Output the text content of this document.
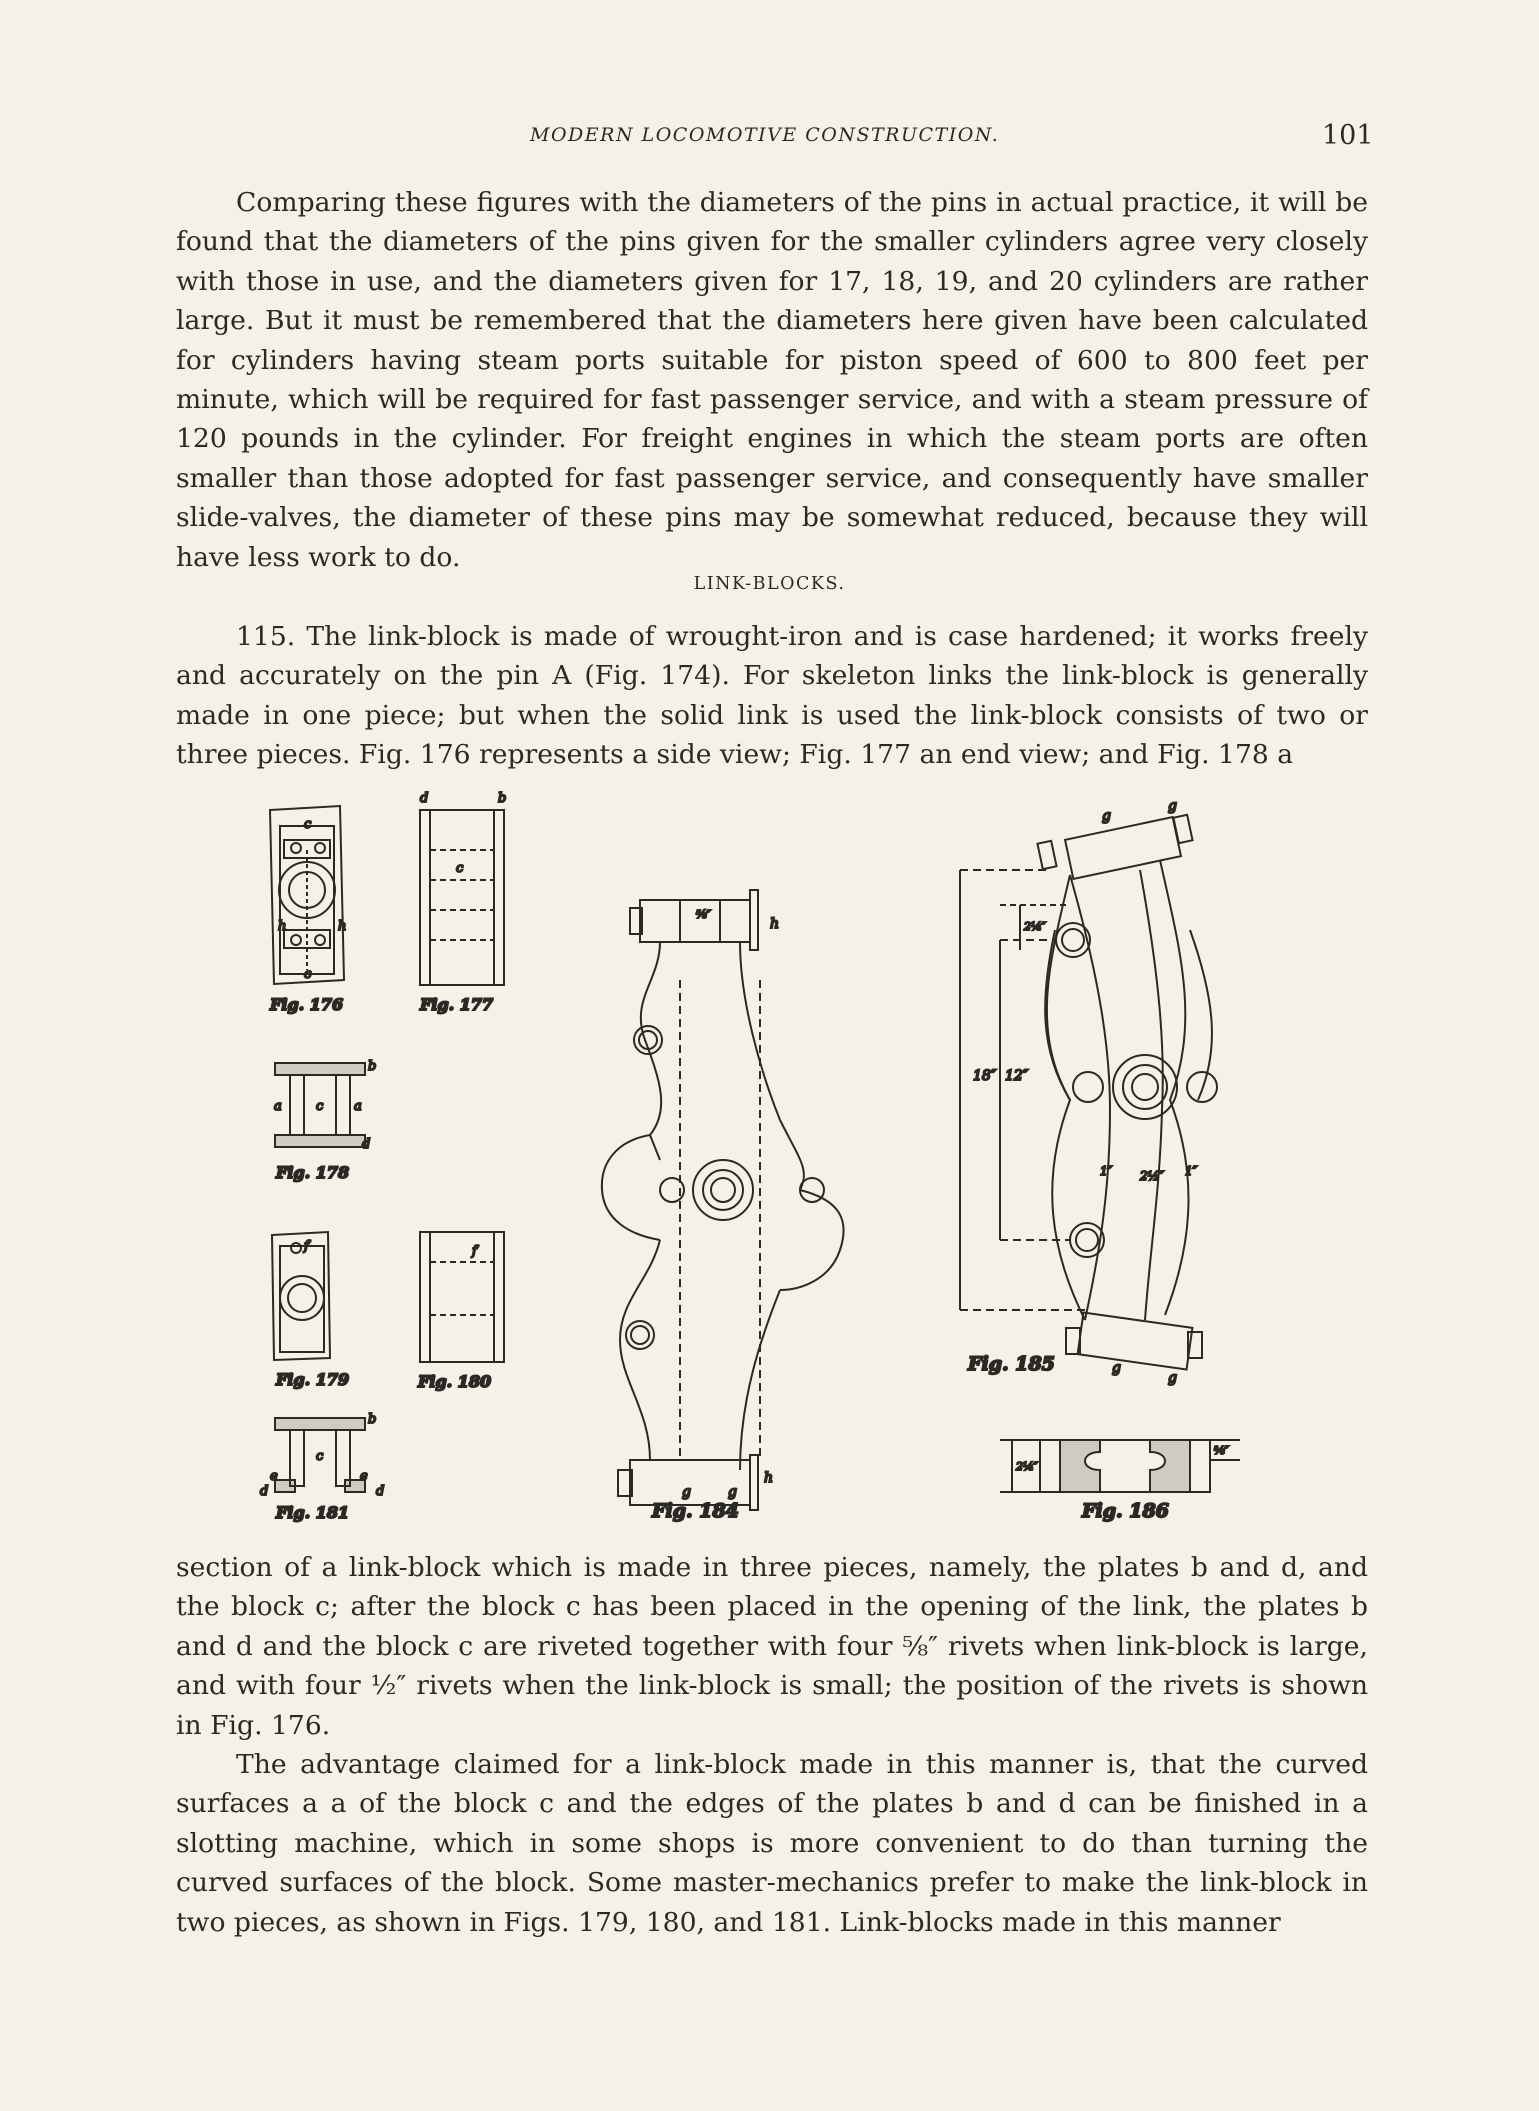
MODERN LOCOMOTIVE CONSTRUCTION.	101

Comparing these figures with the diameters of the pins in actual practice, it will be found that the diameters of the pins given for the smaller cylinders agree very closely with those in use, and the diameters given for 17, 18, 19, and 20 cylinders are rather large. But it must be remembered that the diameters here given have been calculated for cylinders having steam ports suitable for piston speed of 600 to 800 feet per minute, which will be required for fast passenger service, and with a steam pressure of 120 pounds in the cylinder. For freight engines in which the steam ports are often smaller than those adopted for fast passenger service, and consequently have smaller slide-valves, the diameter of these pins may be somewhat reduced, because they will have less work to do.

LINK-BLOCKS.

115. The link-block is made of wrought-iron and is case hardened; it works freely and accurately on the pin A (Fig. 174). For skeleton links the link-block is generally made in one piece; but when the solid link is used the link-block consists of two or three pieces. Fig. 176 represents a side view; Fig. 177 an end view; and Fig. 178 a

c
h	h
c
Fig. 176
d	b
c
Fig. 177
b
a	c a
d
Fig. 178
f
Fig. 179
f
Fig. 180
b
c
e	e
d	d
Fig. 181
h
⅝″
h
g	g
Fig. 184
18″ 12″
2¼″
1″ 2½″ 1″
g
g
g
g
Fig. 185
2¼″
⅜″
Fig. 186

section of a link-block which is made in three pieces, namely, the plates b and d, and the block c; after the block c has been placed in the opening of the link, the plates b and d and the block c are riveted together with four ⅝″ rivets when link-block is large, and with four ½″ rivets when the link-block is small; the position of the rivets is shown in Fig. 176.

The advantage claimed for a link-block made in this manner is, that the curved surfaces a a of the block c and the edges of the plates b and d can be finished in a slotting machine, which in some shops is more convenient to do than turning the curved surfaces of the block. Some master-mechanics prefer to make the link-block in two pieces, as shown in Figs. 179, 180, and 181. Link-blocks made in this manner
